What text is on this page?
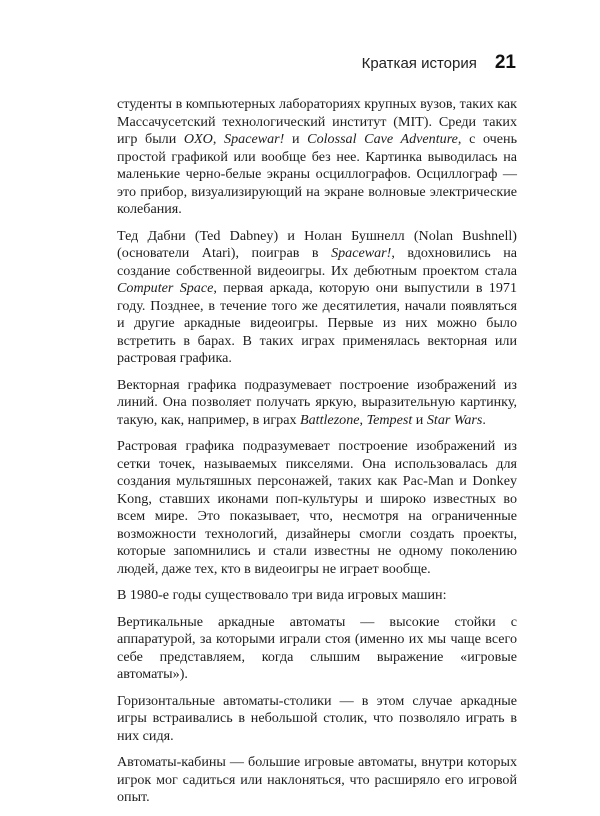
Краткая история 21

студенты в компьютерных лабораториях крупных вузов, таких как Массачусетский технологический институт (MIT). Среди таких игр были OXO, Spacewar! и Colossal Cave Adventure, с очень простой графикой или вообще без нее. Картинка выводилась на маленькие черно-белые экраны осциллографов. Осциллограф — это прибор, визуализирующий на экране волновые электрические колебания.

Тед Дабни (Ted Dabney) и Нолан Бушнелл (Nolan Bushnell) (основатели Atari), поиграв в Spacewar!, вдохновились на создание собственной видеоигры. Их дебютным проектом стала Computer Space, первая аркада, которую они выпустили в 1971 году. Позднее, в течение того же десятилетия, начали появляться и другие аркадные видеоигры. Первые из них можно было встретить в барах. В таких играх применялась векторная или растровая графика.

Векторная графика подразумевает построение изображений из линий. Она позволяет получать яркую, выразительную картинку, такую, как, например, в играх Battlezone, Tempest и Star Wars.

Растровая графика подразумевает построение изображений из сетки точек, называемых пикселями. Она использовалась для создания мультяшных персонажей, таких как Pac-Man и Donkey Kong, ставших иконами поп-культуры и широко известных во всем мире. Это показывает, что, несмотря на ограниченные возможности технологий, дизайнеры смогли создать проекты, которые запомнились и стали известны не одному поколению людей, даже тех, кто в видеоигры не играет вообще.

В 1980-е годы существовало три вида игровых машин:

Вертикальные аркадные автоматы — высокие стойки с аппаратурой, за которыми играли стоя (именно их мы чаще всего себе представляем, когда слышим выражение «игровые автоматы»).

Горизонтальные автоматы-столики — в этом случае аркадные игры встраивались в небольшой столик, что позволяло играть в них сидя.

Автоматы-кабины — большие игровые автоматы, внутри которых игрок мог садиться или наклоняться, что расширяло его игровой опыт.
